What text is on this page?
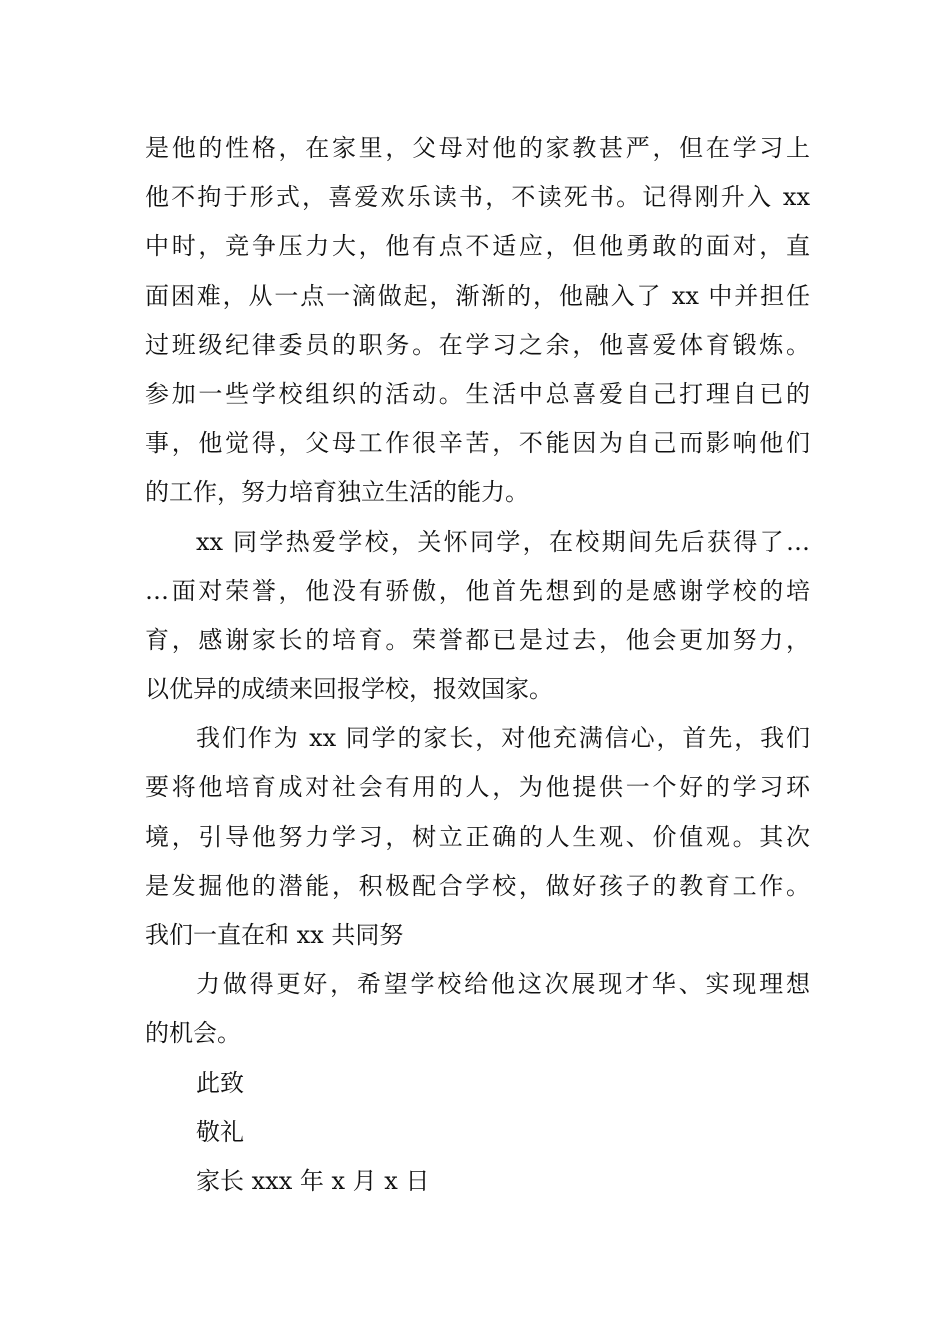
是他的性格，在家里，父母对他的家教甚严，但在学习上
他不拘于形式，喜爱欢乐读书，不读死书。记得刚升入 xx
中时，竞争压力大，他有点不适应，但他勇敢的面对，直
面困难，从一点一滴做起，渐渐的，他融入了 xx 中并担任
过班级纪律委员的职务。在学习之余，他喜爱体育锻炼。
参加一些学校组织的活动。生活中总喜爱自己打理自已的
事，他觉得，父母工作很辛苦，不能因为自己而影响他们
的工作，努力培育独立生活的能力。
xx 同学热爱学校，关怀同学，在校期间先后获得了…
…面对荣誉，他没有骄傲，他首先想到的是感谢学校的培
育，感谢家长的培育。荣誉都已是过去，他会更加努力，
以优异的成绩来回报学校，报效国家。
我们作为 xx 同学的家长，对他充满信心，首先，我们
要将他培育成对社会有用的人，为他提供一个好的学习环
境，引导他努力学习，树立正确的人生观、价值观。其次
是发掘他的潜能，积极配合学校，做好孩子的教育工作。
我们一直在和 xx 共同努
力做得更好，希望学校给他这次展现才华、实现理想
的机会。
此致
敬礼
家长 xxx 年 x 月 x 日
